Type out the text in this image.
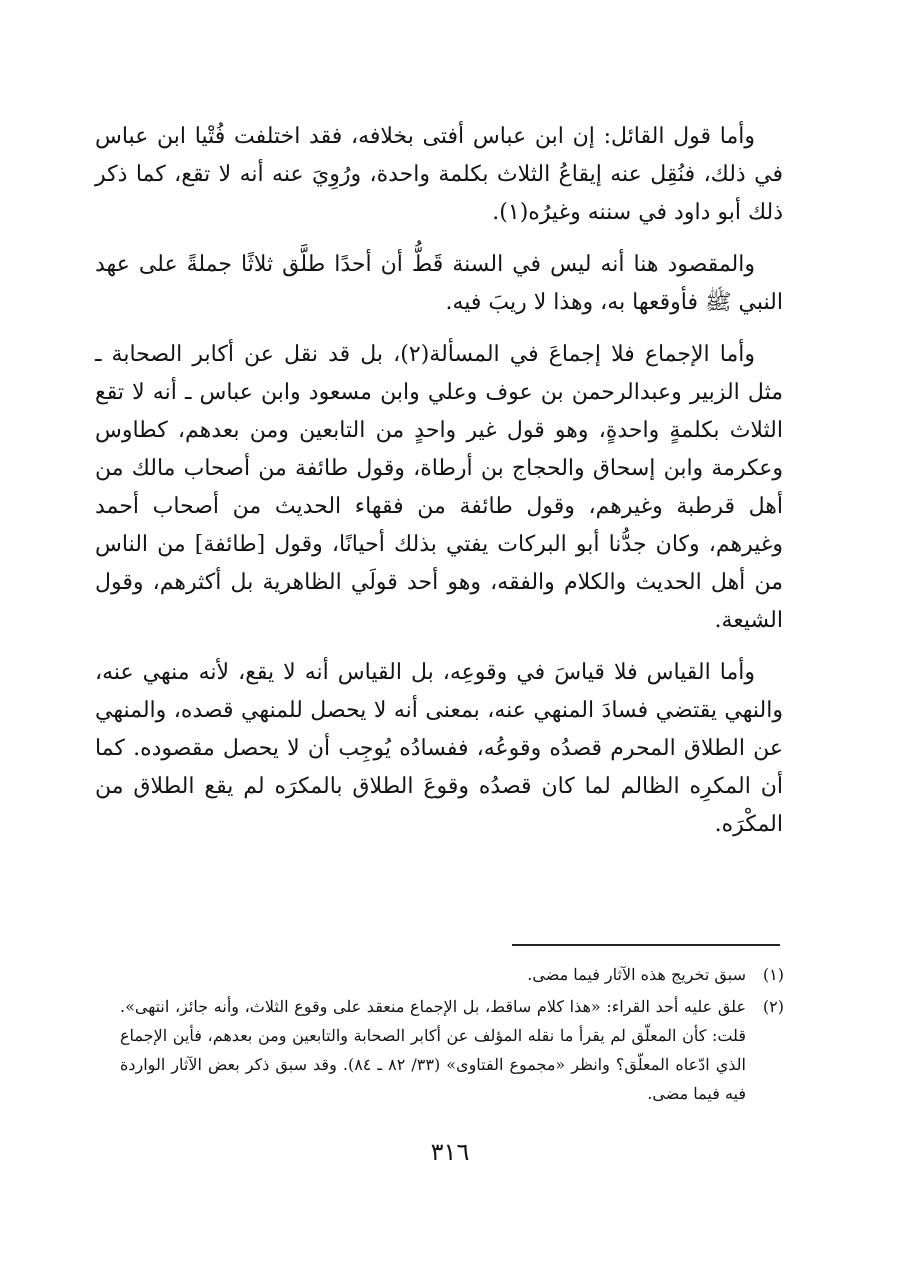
وأما قول القائل: إن ابن عباس أفتى بخلافه، فقد اختلفت فُتْيا ابن عباس في ذلك، فنُقِل عنه إيقاعُ الثلاث بكلمة واحدة، ورُوِيَ عنه أنه لا تقع، كما ذكر ذلك أبو داود في سننه وغيرُه(١).

والمقصود هنا أنه ليس في السنة قَطُّ أن أحدًا طلَّق ثلاثًا جملةً على عهد النبي ﷺ فأوقعها به، وهذا لا ريبَ فيه.

وأما الإجماع فلا إجماعَ في المسألة(٢)، بل قد نقل عن أكابر الصحابة ـ مثل الزبير وعبدالرحمن بن عوف وعلي وابن مسعود وابن عباس ـ أنه لا تقع الثلاث بكلمةٍ واحدةٍ، وهو قول غير واحدٍ من التابعين ومن بعدهم، كطاوس وعكرمة وابن إسحاق والحجاج بن أرطاة، وقول طائفة من أصحاب مالك من أهل قرطبة وغيرهم، وقول طائفة من فقهاء الحديث من أصحاب أحمد وغيرهم، وكان جدُّنا أبو البركات يفتي بذلك أحيانًا، وقول [طائفة] من الناس من أهل الحديث والكلام والفقه، وهو أحد قولَي الظاهرية بل أكثرهم، وقول الشيعة.

وأما القياس فلا قياسَ في وقوعِه، بل القياس أنه لا يقع، لأنه منهي عنه، والنهي يقتضي فسادَ المنهي عنه، بمعنى أنه لا يحصل للمنهي قصده، والمنهي عن الطلاق المحرم قصدُه وقوعُه، ففسادُه يُوجِب أن لا يحصل مقصوده. كما أن المكرِه الظالم لما كان قصدُه وقوعَ الطلاق بالمكرَه لم يقع الطلاق من المكْرَه.

(١)
سبق تخريج هذه الآثار فيما مضى.
(٢)
علق عليه أحد القراء: «هذا كلام ساقط، بل الإجماع منعقد على وقوع الثلاث، وأنه جائز، انتهى». قلت: كأن المعلّق لم يقرأ ما نقله المؤلف عن أكابر الصحابة والتابعين ومن بعدهم، فأين الإجماع الذي ادّعاه المعلّق؟ وانظر «مجموع الفتاوى» (٣٣/ ٨٢ ـ ٨٤). وقد سبق ذكر بعض الآثار الواردة فيه فيما مضى.
٣١٦
